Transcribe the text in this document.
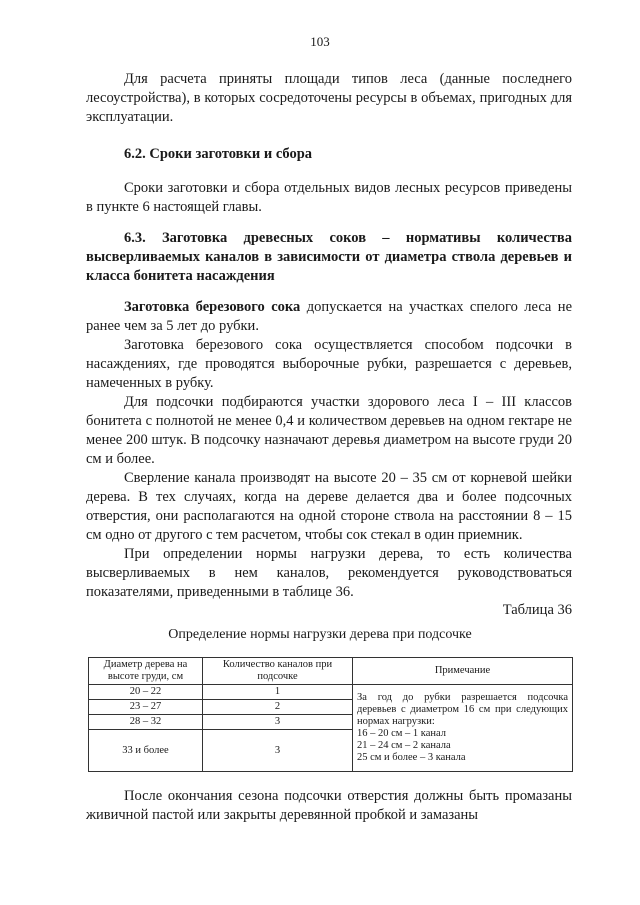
103

Для расчета приняты площади типов леса (данные последнего лесоустройства), в которых сосредоточены ресурсы в объемах, пригодных для эксплуатации.

6.2. Сроки заготовки и сбора

Сроки заготовки и сбора отдельных видов лесных ресурсов приведены в пункте 6 настоящей главы.

6.3. Заготовка древесных соков – нормативы количества высверливаемых каналов в зависимости от диаметра ствола деревьев и класса бонитета насаждения

Заготовка березового сока допускается на участках спелого леса не ранее чем за 5 лет до рубки.

Заготовка березового сока осуществляется способом подсочки в насаждениях, где проводятся выборочные рубки, разрешается с деревьев, намеченных в рубку.

Для подсочки подбираются участки здорового леса I – III классов бонитета с полнотой не менее 0,4 и количеством деревьев на одном гектаре не менее 200 штук. В подсочку назначают деревья диаметром на высоте груди 20 см и более.

Сверление канала производят на высоте 20 – 35 см от корневой шейки дерева. В тех случаях, когда на дереве делается два и более подсочных отверстия, они располагаются на одной стороне ствола на расстоянии 8 – 15 см одно от другого с тем расчетом, чтобы сок стекал в один приемник.

При определении нормы нагрузки дерева, то есть количества высверливаемых в нем каналов, рекомендуется руководствоваться показателями, приведенными в таблице 36.

Таблица 36
Определение нормы нагрузки дерева при подсочке
Диаметр дерева на высоте груди, см	Количество каналов при подсочке	Примечание
20 – 22	1	За год до рубки разрешается подсочка деревьев с диаметром 16 см при следующих нормах нагрузки:
16 – 20 см – 1 канал
21 – 24 см – 2 канала
25 см и более – 3 канала

23 – 27	2	
28 – 32	3	
33 и более	3	

После окончания сезона подсочки отверстия должны быть промазаны живичной пастой или закрыты деревянной пробкой и замазаны
